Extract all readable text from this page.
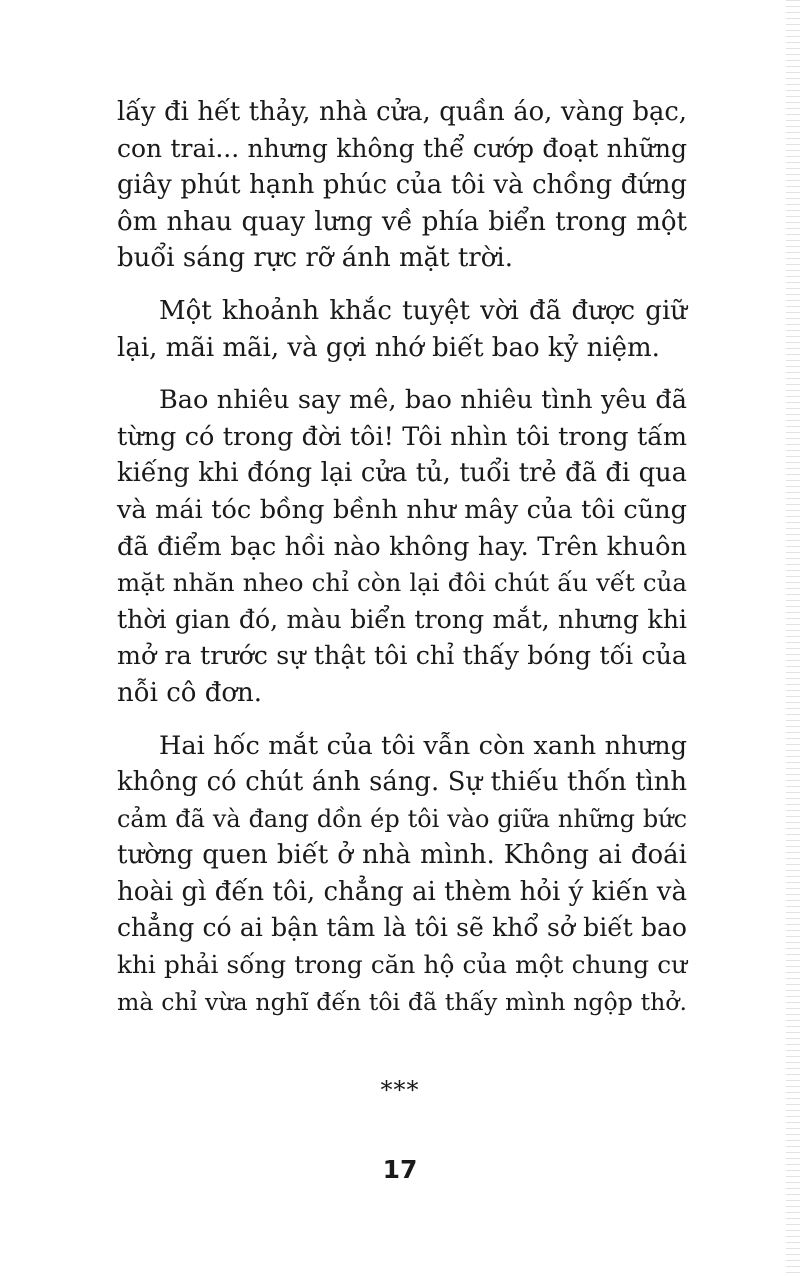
lấy đi hết thảy, nhà cửa, quần áo, vàng bạc,
con trai... nhưng không thể cướp đoạt những
giây phút hạnh phúc của tôi và chồng đứng
ôm nhau quay lưng về phía biển trong một
buổi sáng rực rỡ ánh mặt trời.

Một khoảnh khắc tuyệt vời đã được giữ
lại, mãi mãi, và gợi nhớ biết bao kỷ niệm.

Bao nhiêu say mê, bao nhiêu tình yêu đã
từng có trong đời tôi! Tôi nhìn tôi trong tấm
kiếng khi đóng lại cửa tủ, tuổi trẻ đã đi qua
và mái tóc bồng bềnh như mây của tôi cũng
đã điểm bạc hồi nào không hay. Trên khuôn
mặt nhăn nheo chỉ còn lại đôi chút ấu vết của
thời gian đó, màu biển trong mắt, nhưng khi
mở ra trước sự thật tôi chỉ thấy bóng tối của
nỗi cô đơn.

Hai hốc mắt của tôi vẫn còn xanh nhưng
không có chút ánh sáng. Sự thiếu thốn tình
cảm đã và đang dồn ép tôi vào giữa những bức
tường quen biết ở nhà mình. Không ai đoái
hoài gì đến tôi, chẳng ai thèm hỏi ý kiến và
chẳng có ai bận tâm là tôi sẽ khổ sở biết bao
khi phải sống trong căn hộ của một chung cư
mà chỉ vừa nghĩ đến tôi đã thấy mình ngộp thở.

***
17
